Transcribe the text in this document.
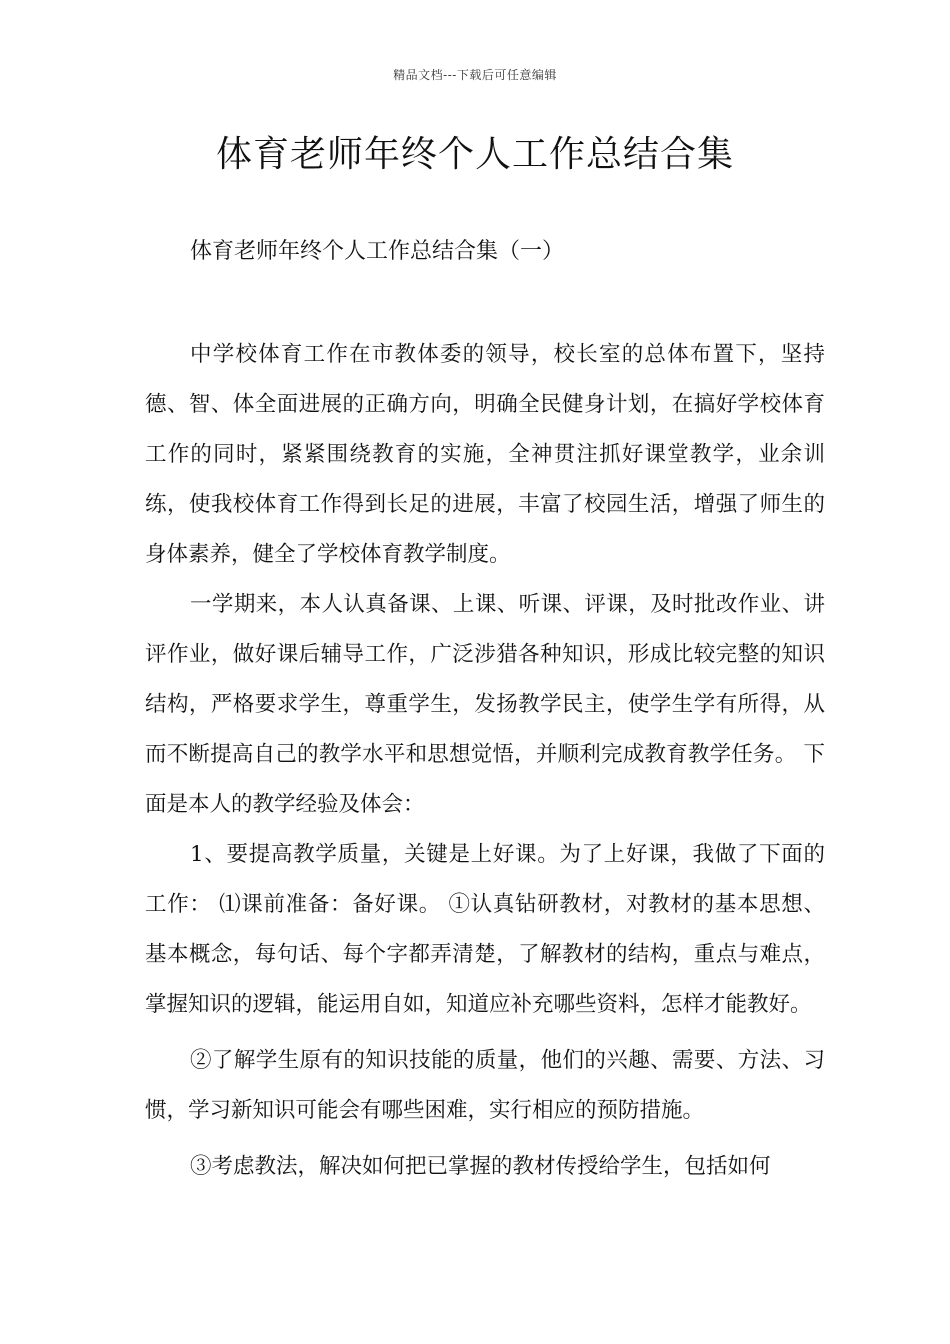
精品文档---下载后可任意编辑
体育老师年终个人工作总结合集
体育老师年终个人工作总结合集（一）

中学校体育工作在市教体委的领导，校长室的总体布置下，坚持德、智、体全面进展的正确方向，明确全民健身计划，在搞好学校体育工作的同时，紧紧围绕教育的实施，全神贯注抓好课堂教学，业余训练，使我校体育工作得到长足的进展，丰富了校园生活，增强了师生的身体素养，健全了学校体育教学制度。

一学期来，本人认真备课、上课、听课、评课，及时批改作业、讲评作业，做好课后辅导工作，广泛涉猎各种知识，形成比较完整的知识结构，严格要求学生，尊重学生，发扬教学民主，使学生学有所得，从而不断提高自己的教学水平和思想觉悟，并顺利完成教育教学任务。 下面是本人的教学经验及体会：

1、要提高教学质量，关键是上好课。为了上好课，我做了下面的工作： ⑴课前准备：备好课。 ①认真钻研教材，对教材的基本思想、基本概念，每句话、每个字都弄清楚，了解教材的结构，重点与难点，掌握知识的逻辑，能运用自如，知道应补充哪些资料，怎样才能教好。

②了解学生原有的知识技能的质量，他们的兴趣、需要、方法、习惯，学习新知识可能会有哪些困难，实行相应的预防措施。

③考虑教法，解决如何把已掌握的教材传授给学生，包括如何
